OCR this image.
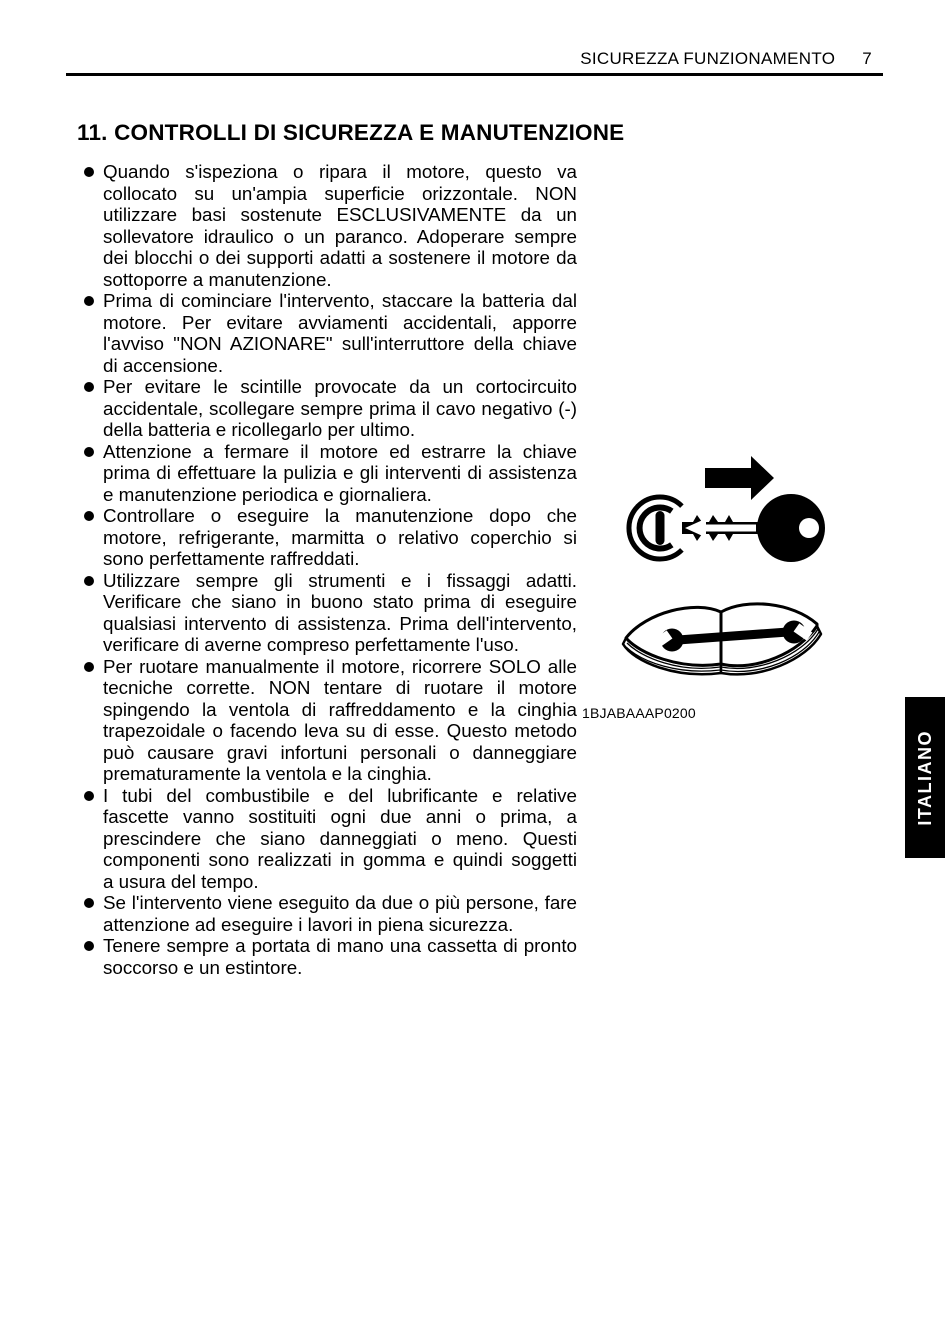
SICUREZZA FUNZIONAMENTO 7
11. CONTROLLI DI SICUREZZA E MANUTENZIONE
Quando s'ispeziona o ripara il motore, questo va
collocato su un'ampia superficie orizzontale. NON
utilizzare basi sostenute ESCLUSIVAMENTE da un
sollevatore idraulico o un paranco. Adoperare sempre
dei blocchi o dei supporti adatti a sostenere il motore da
sottoporre a manutenzione.
Prima di cominciare l'intervento, staccare la batteria dal
motore. Per evitare avviamenti accidentali, apporre
l'avviso "NON AZIONARE" sull'interruttore della chiave
di accensione.
Per evitare le scintille provocate da un cortocircuito
accidentale, scollegare sempre prima il cavo negativo (-)
della batteria e ricollegarlo per ultimo.
Attenzione a fermare il motore ed estrarre la chiave
prima di effettuare la pulizia e gli interventi di assistenza
e manutenzione periodica e giornaliera.
Controllare o eseguire la manutenzione dopo che
motore, refrigerante, marmitta o relativo coperchio si
sono perfettamente raffreddati.
Utilizzare sempre gli strumenti e i fissaggi adatti.
Verificare che siano in buono stato prima di eseguire
qualsiasi intervento di assistenza. Prima dell'intervento,
verificare di averne compreso perfettamente l'uso.
Per ruotare manualmente il motore, ricorrere SOLO alle
tecniche corrette. NON tentare di ruotare il motore
spingendo la ventola di raffreddamento e la cinghia
trapezoidale o facendo leva su di esse. Questo metodo
può causare gravi infortuni personali o danneggiare
prematuramente la ventola e la cinghia.
I tubi del combustibile e del lubrificante e relative
fascette vanno sostituiti ogni due anni o prima, a
prescindere che siano danneggiati o meno. Questi
componenti sono realizzati in gomma e quindi soggetti
a usura del tempo.
Se l'intervento viene eseguito da due o più persone, fare
attenzione ad eseguire i lavori in piena sicurezza.
Tenere sempre a portata di mano una cassetta di pronto
soccorso e un estintore.
1BJABAAAP0200
ITALIANO
